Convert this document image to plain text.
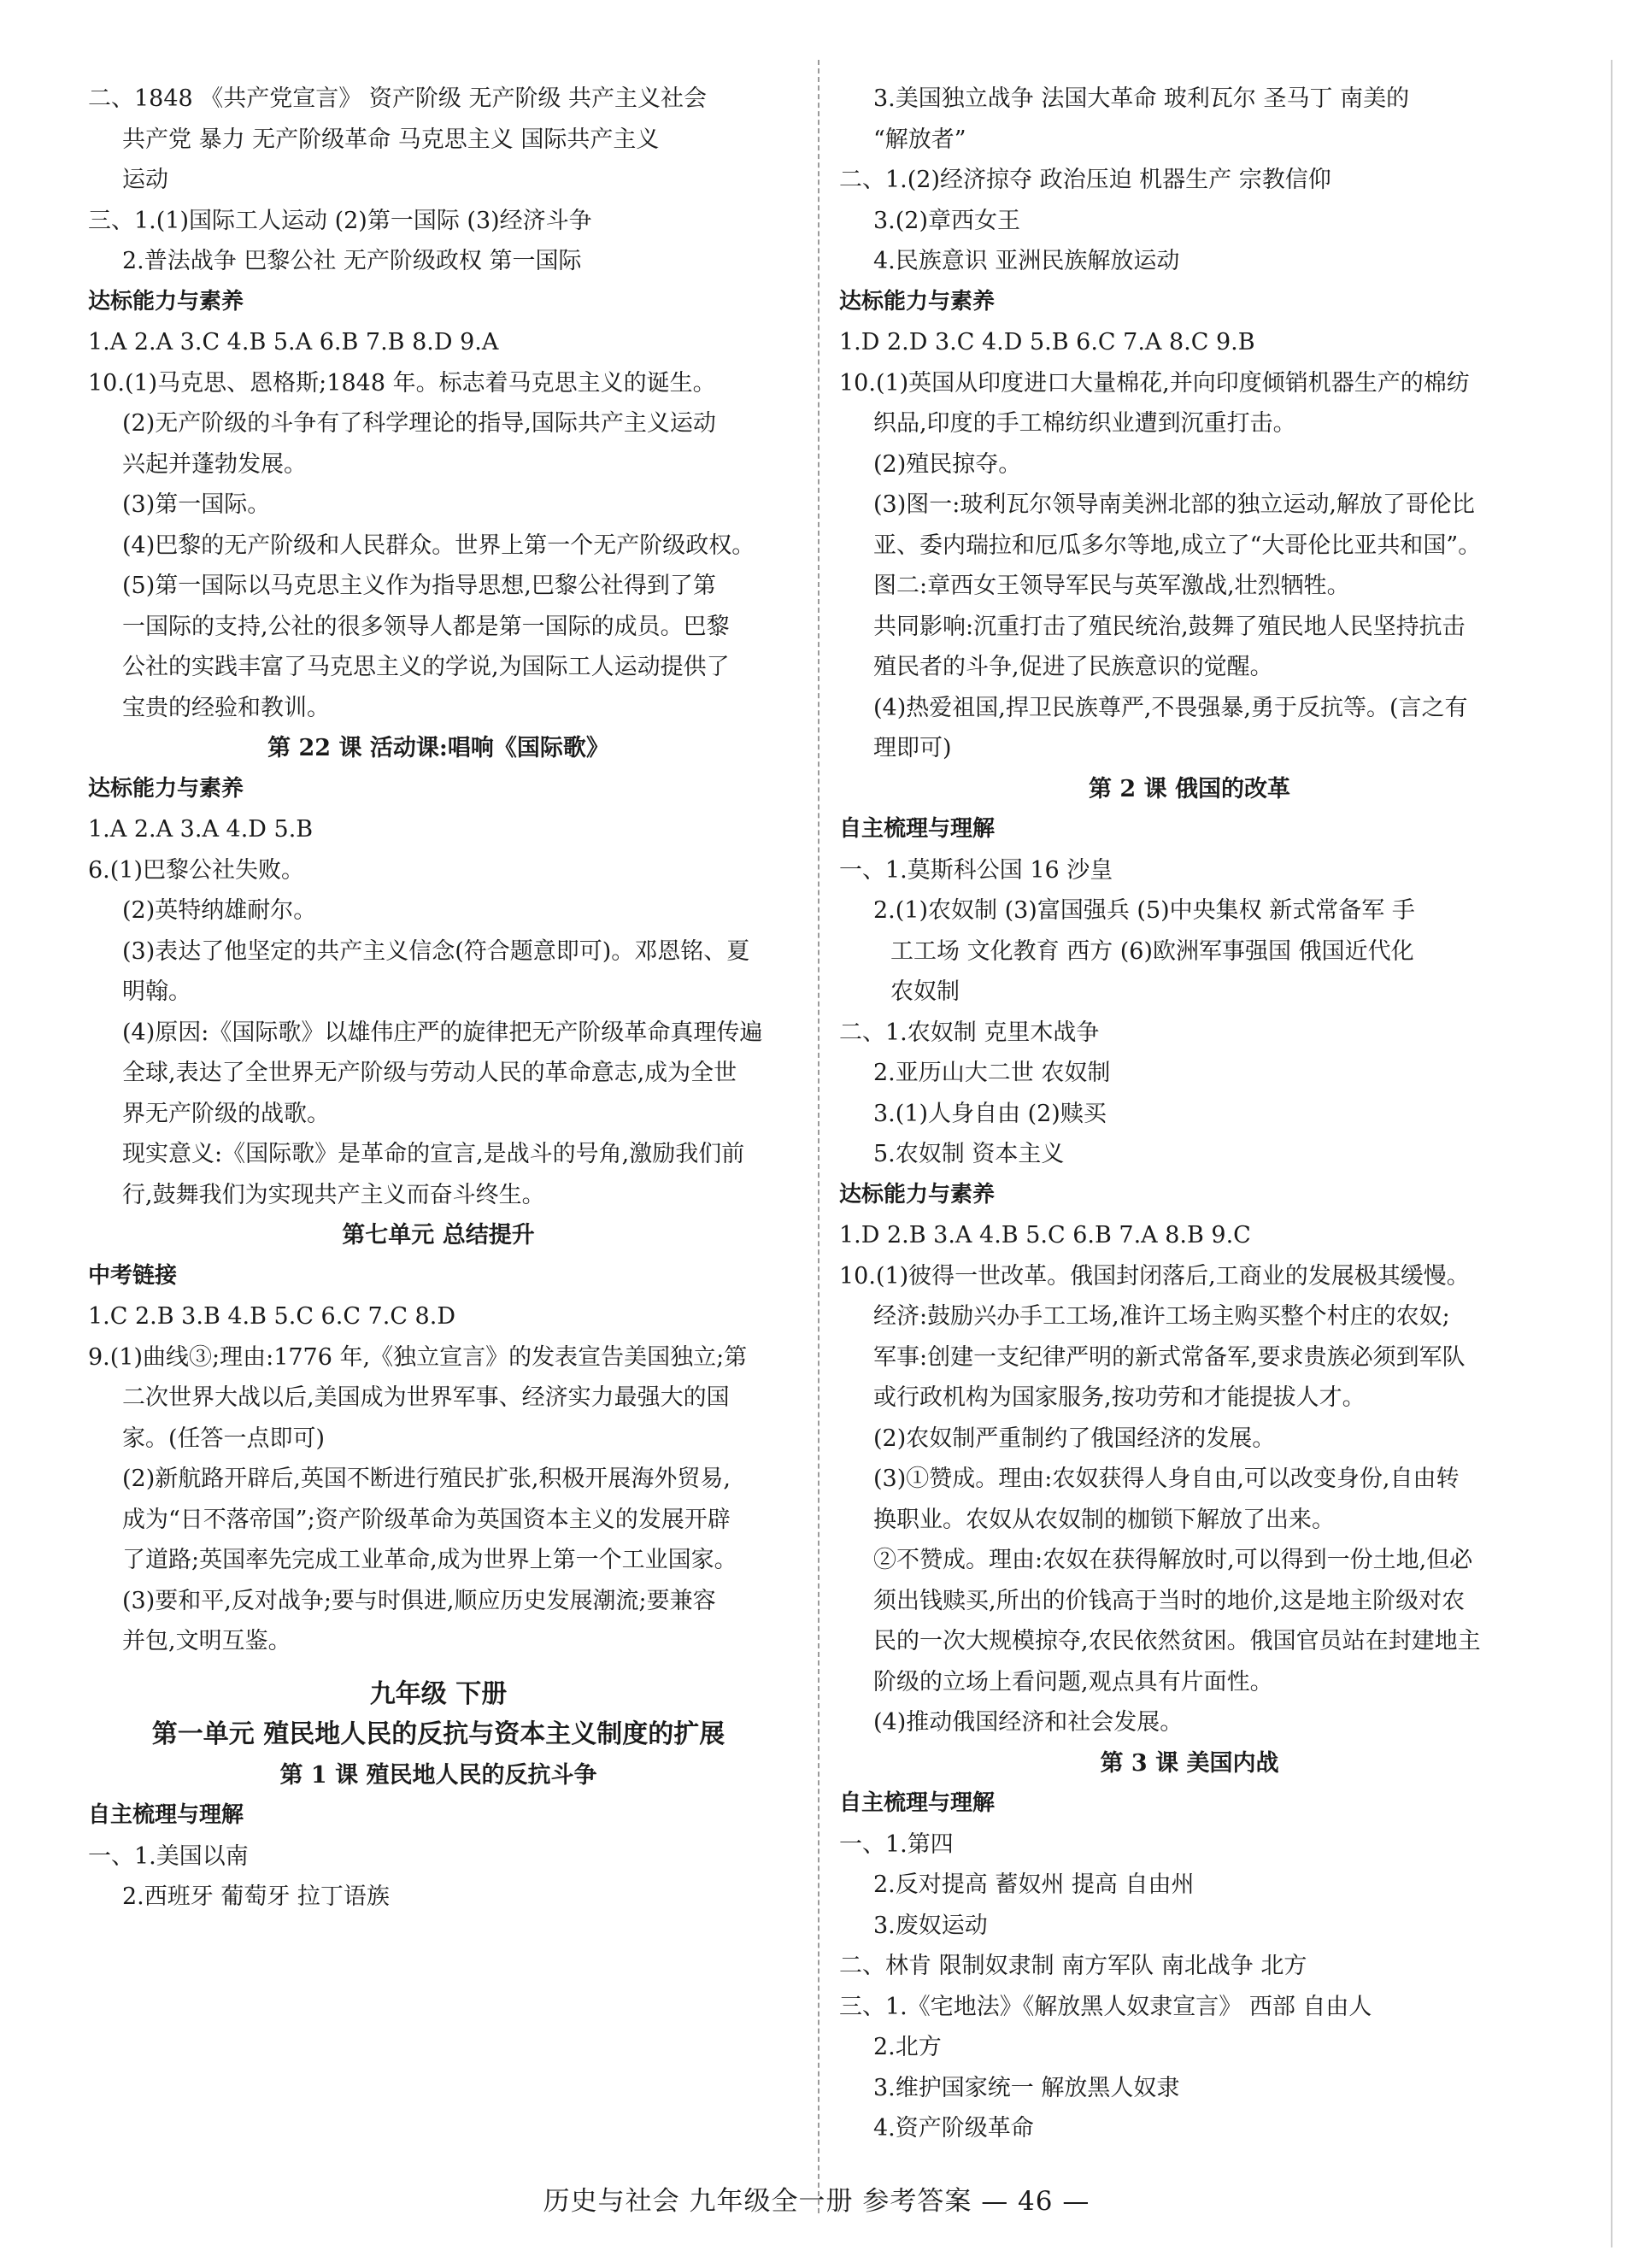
二、1848 《共产党宣言》 资产阶级 无产阶级 共产主义社会
共产党 暴力 无产阶级革命 马克思主义 国际共产主义
运动
三、1.(1)国际工人运动 (2)第一国际 (3)经济斗争
2.普法战争 巴黎公社 无产阶级政权 第一国际
达标能力与素养
1.A 2.A 3.C 4.B 5.A 6.B 7.B 8.D 9.A
10.(1)马克思、恩格斯;1848 年。标志着马克思主义的诞生。
(2)无产阶级的斗争有了科学理论的指导,国际共产主义运动
兴起并蓬勃发展。
(3)第一国际。
(4)巴黎的无产阶级和人民群众。世界上第一个无产阶级政权。
(5)第一国际以马克思主义作为指导思想,巴黎公社得到了第
一国际的支持,公社的很多领导人都是第一国际的成员。巴黎
公社的实践丰富了马克思主义的学说,为国际工人运动提供了
宝贵的经验和教训。
第 22 课 活动课:唱响《国际歌》
达标能力与素养
1.A 2.A 3.A 4.D 5.B
6.(1)巴黎公社失败。
(2)英特纳雄耐尔。
(3)表达了他坚定的共产主义信念(符合题意即可)。邓恩铭、夏
明翰。
(4)原因:《国际歌》以雄伟庄严的旋律把无产阶级革命真理传遍
全球,表达了全世界无产阶级与劳动人民的革命意志,成为全世
界无产阶级的战歌。
现实意义:《国际歌》是革命的宣言,是战斗的号角,激励我们前
行,鼓舞我们为实现共产主义而奋斗终生。
第七单元 总结提升
中考链接
1.C 2.B 3.B 4.B 5.C 6.C 7.C 8.D
9.(1)曲线③;理由:1776 年,《独立宣言》的发表宣告美国独立;第
二次世界大战以后,美国成为世界军事、经济实力最强大的国
家。(任答一点即可)
(2)新航路开辟后,英国不断进行殖民扩张,积极开展海外贸易,
成为“日不落帝国”;资产阶级革命为英国资本主义的发展开辟
了道路;英国率先完成工业革命,成为世界上第一个工业国家。
(3)要和平,反对战争;要与时俱进,顺应历史发展潮流;要兼容
并包,文明互鉴。
九年级 下册
第一单元 殖民地人民的反抗与资本主义制度的扩展
第 1 课 殖民地人民的反抗斗争
自主梳理与理解
一、1.美国以南
2.西班牙 葡萄牙 拉丁语族
3.美国独立战争 法国大革命 玻利瓦尔 圣马丁 南美的
“解放者”
二、1.(2)经济掠夺 政治压迫 机器生产 宗教信仰
3.(2)章西女王
4.民族意识 亚洲民族解放运动
达标能力与素养
1.D 2.D 3.C 4.D 5.B 6.C 7.A 8.C 9.B
10.(1)英国从印度进口大量棉花,并向印度倾销机器生产的棉纺
织品,印度的手工棉纺织业遭到沉重打击。
(2)殖民掠夺。
(3)图一:玻利瓦尔领导南美洲北部的独立运动,解放了哥伦比
亚、委内瑞拉和厄瓜多尔等地,成立了“大哥伦比亚共和国”。
图二:章西女王领导军民与英军激战,壮烈牺牲。
共同影响:沉重打击了殖民统治,鼓舞了殖民地人民坚持抗击
殖民者的斗争,促进了民族意识的觉醒。
(4)热爱祖国,捍卫民族尊严,不畏强暴,勇于反抗等。(言之有
理即可)
第 2 课 俄国的改革
自主梳理与理解
一、1.莫斯科公国 16 沙皇
2.(1)农奴制 (3)富国强兵 (5)中央集权 新式常备军 手
工工场 文化教育 西方 (6)欧洲军事强国 俄国近代化
农奴制
二、1.农奴制 克里木战争
2.亚历山大二世 农奴制
3.(1)人身自由 (2)赎买
5.农奴制 资本主义
达标能力与素养
1.D 2.B 3.A 4.B 5.C 6.B 7.A 8.B 9.C
10.(1)彼得一世改革。俄国封闭落后,工商业的发展极其缓慢。
经济:鼓励兴办手工工场,准许工场主购买整个村庄的农奴;
军事:创建一支纪律严明的新式常备军,要求贵族必须到军队
或行政机构为国家服务,按功劳和才能提拔人才。
(2)农奴制严重制约了俄国经济的发展。
(3)①赞成。理由:农奴获得人身自由,可以改变身份,自由转
换职业。农奴从农奴制的枷锁下解放了出来。
②不赞成。理由:农奴在获得解放时,可以得到一份土地,但必
须出钱赎买,所出的价钱高于当时的地价,这是地主阶级对农
民的一次大规模掠夺,农民依然贫困。俄国官员站在封建地主
阶级的立场上看问题,观点具有片面性。
(4)推动俄国经济和社会发展。
第 3 课 美国内战
自主梳理与理解
一、1.第四
2.反对提高 蓄奴州 提高 自由州
3.废奴运动
二、林肯 限制奴隶制 南方军队 南北战争 北方
三、1.《宅地法》《解放黑人奴隶宣言》 西部 自由人
2.北方
3.维护国家统一 解放黑人奴隶
4.资产阶级革命
历史与社会 九年级全一册 参考答案 — 46 —
